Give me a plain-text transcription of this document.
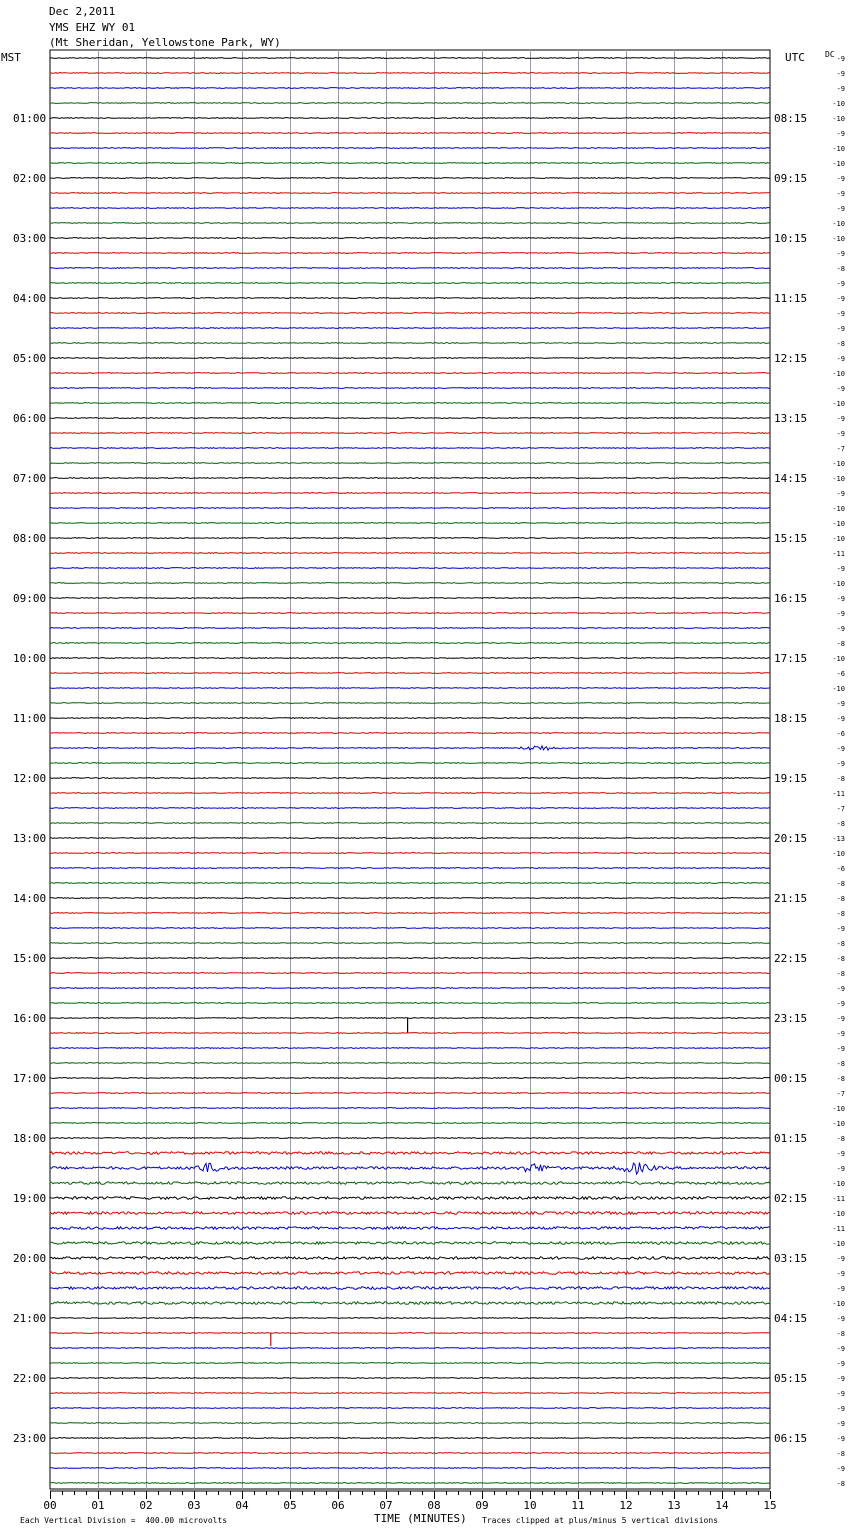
Dec 2,2011
YMS EHZ WY 01
(Mt Sheridan, Yellowstone Park, WY)
MST	UTC	DC
01:00
02:00
03:00
04:00
05:00
06:00
07:00
08:00
09:00
10:00
11:00
12:00
13:00
14:00
15:00
16:00
17:00
18:00
19:00
20:00
21:00
22:00
23:00
08:15
09:15
10:15
11:15
12:15
13:15
14:15
15:15
16:15
17:15
18:15
19:15
20:15
21:15
22:15
23:15
00:15
01:15
02:15
03:15
04:15
05:15
06:15
-9
-9
-9
-10
-10
-9
-10
-10
-9
-9
-9
-10
-10
-9
-8
-9
-9
-9
-9
-8
-9
-10
-9
-10
-9
-9
-7
-10
-10
-9
-10
-10
-10
-11
-9
-10
-9
-9
-9
-8
-10
-6
-10
-9
-9
-6
-9
-9
-8
-11
-7
-8
-13
-10
-6
-8
-8
-8
-9
-8
-8
-8
-9
-9
-9
-9
-9
-8
-8
-7
-10
-10
-8
-9
-9
-10
-11
-10
-11
-10
-9
-9
-9
-10
-9
-8
-9
-9
-9
-9
-9
-9
-9
-8
-9
-8
00	01	02	03	04	05	06	07	08	09	10	11	12	13	14	15
Each Vertical Division =  400.00 microvolts	TIME (MINUTES) Traces clipped at plus/minus 5 vertical divisions
